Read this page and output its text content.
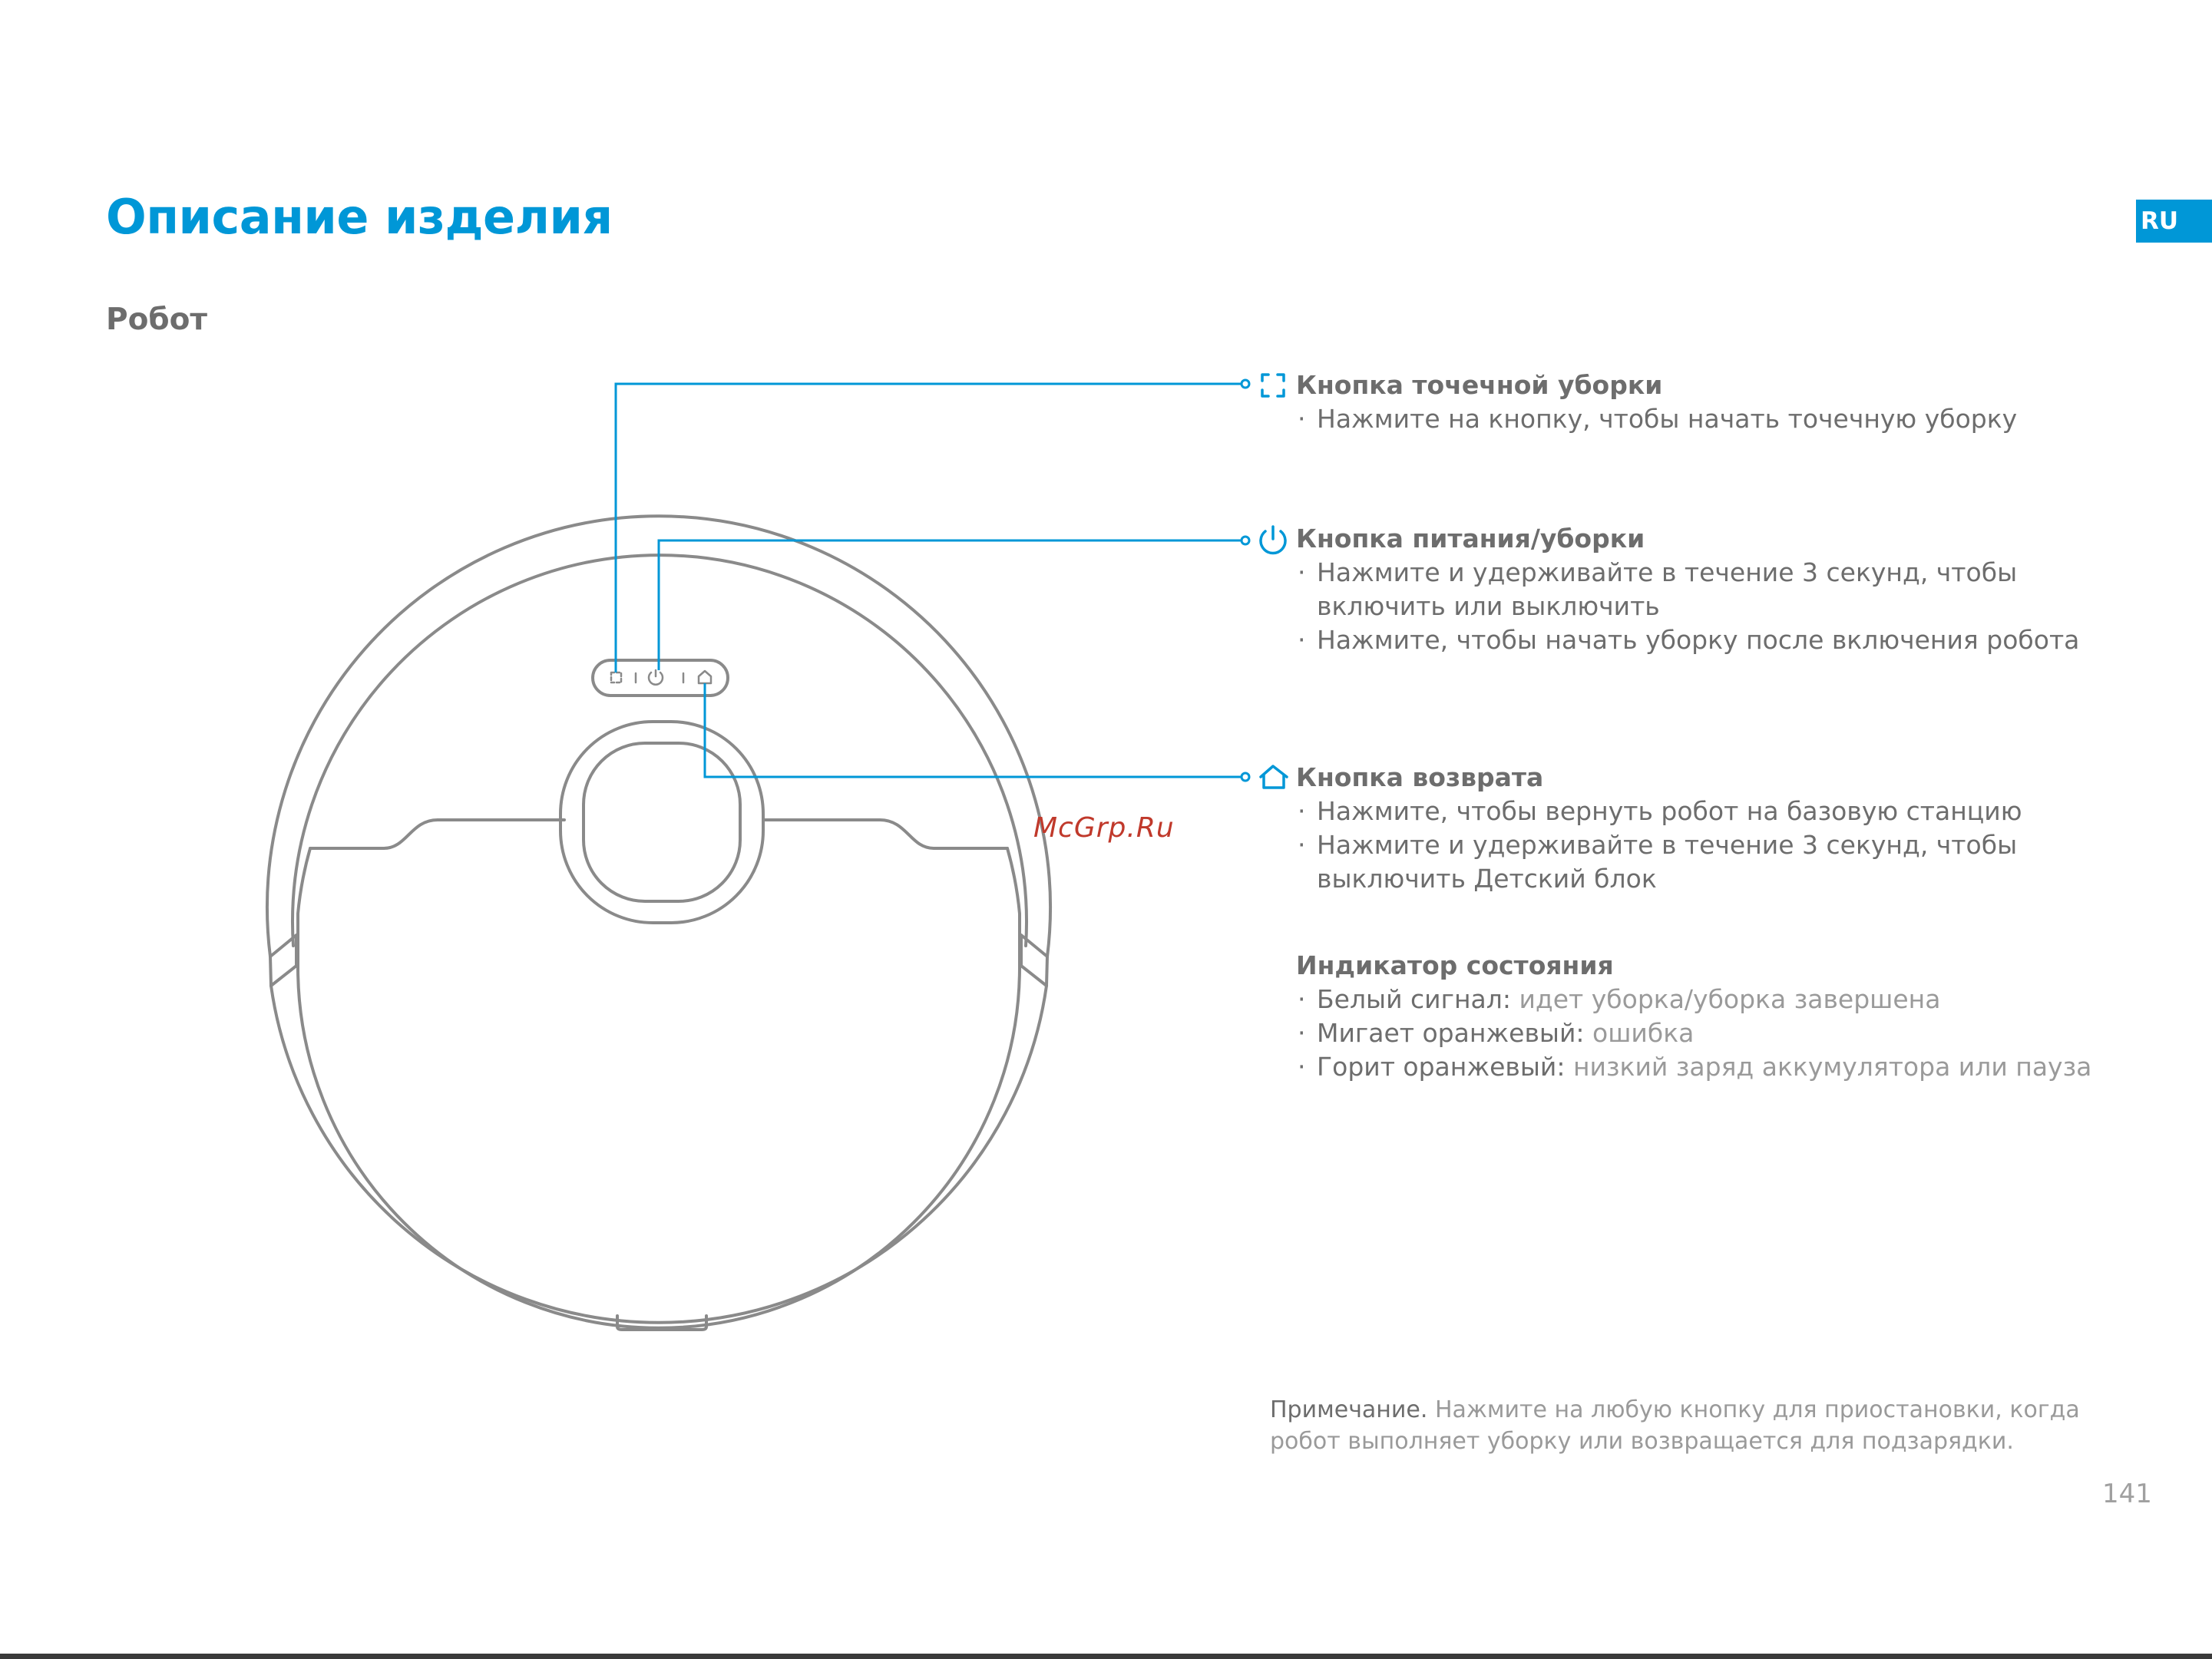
Описание изделия
Робот
RU
Кнопка точечной уборки
· Нажмите на кнопку, чтобы начать точечную уборку
Кнопка питания/уборки
· Нажмите и удерживайте в течение 3 секунд, чтобы
включить или выключить
· Нажмите, чтобы начать уборку после включения робота
Кнопка возврата
· Нажмите, чтобы вернуть робот на базовую станцию
· Нажмите и удерживайте в течение 3 секунд, чтобы
выключить Детский блок
Индикатор состояния
· Белый сигнал: идет уборка/уборка завершена
· Мигает оранжевый: ошибка
· Горит оранжевый: низкий заряд аккумулятора или пауза
Примечание. Нажмите на любую кнопку для приостановки, когда
робот выполняет уборку или возвращается для подзарядки.
McGrp.Ru
141
